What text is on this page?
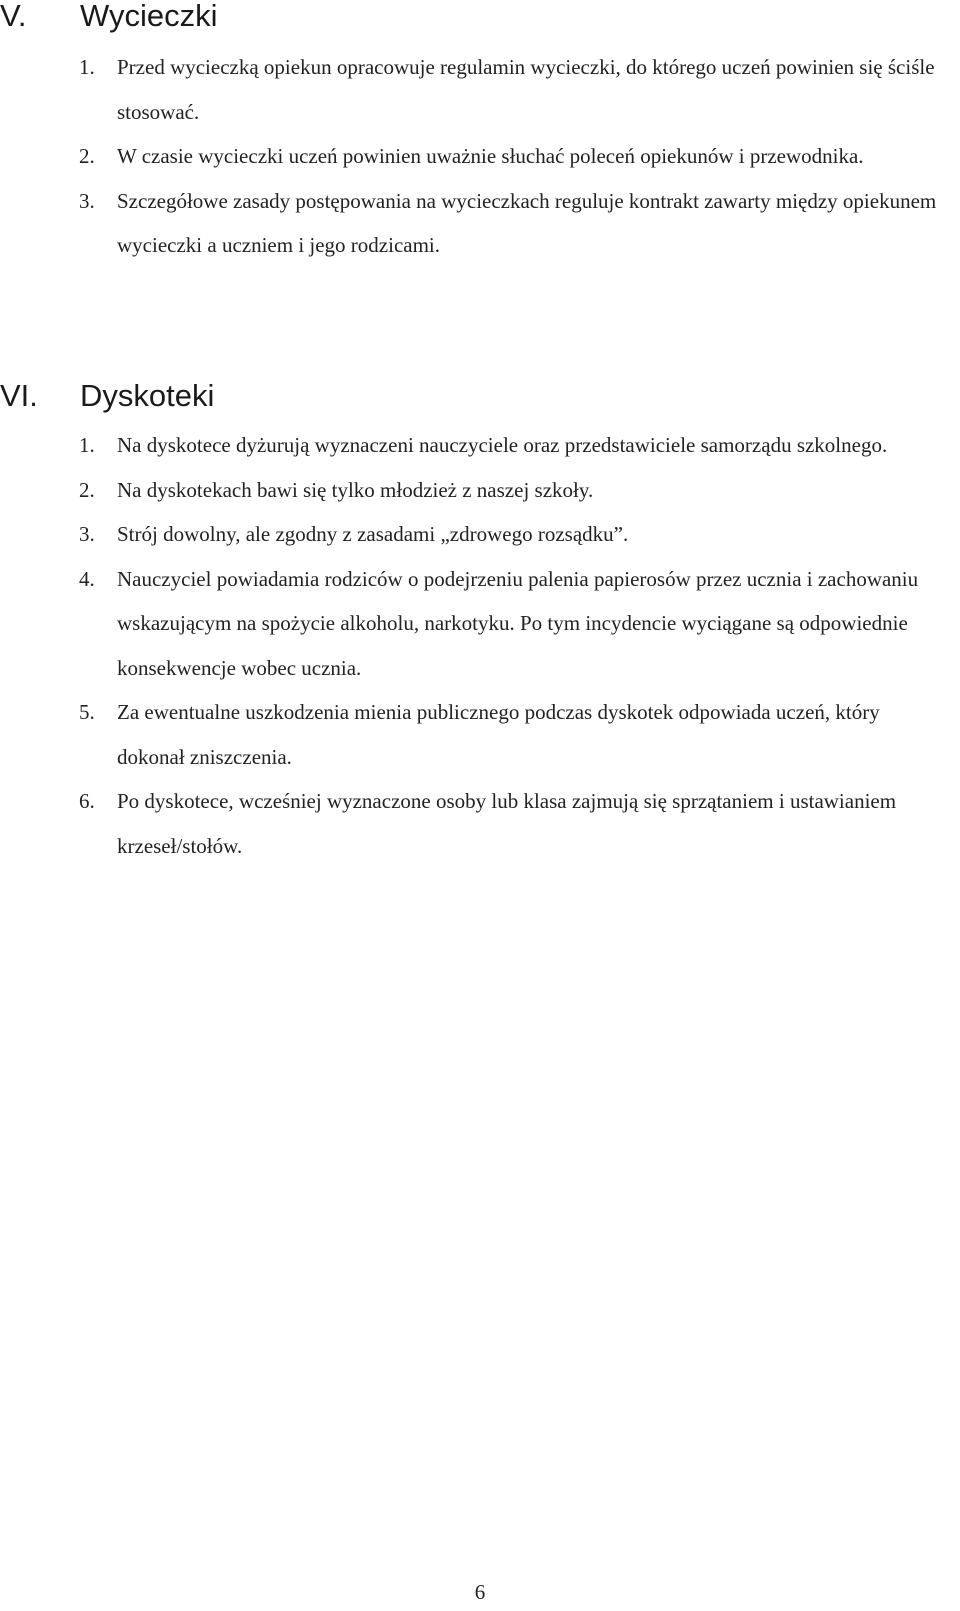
V. Wycieczki
1. Przed wycieczką opiekun opracowuje regulamin wycieczki, do którego uczeń powinien się ściśle stosować.
2. W czasie wycieczki uczeń powinien uważnie słuchać poleceń opiekunów i przewodnika.
3. Szczegółowe zasady postępowania na wycieczkach reguluje kontrakt zawarty między opiekunem wycieczki a uczniem i jego rodzicami.
VI. Dyskoteki
1. Na dyskotece dyżurują wyznaczeni nauczyciele oraz przedstawiciele samorządu szkolnego.
2. Na dyskotekach bawi się tylko młodzież z naszej szkoły.
3. Strój dowolny, ale zgodny z zasadami „zdrowego rozsądku”.
4. Nauczyciel powiadamia rodziców o podejrzeniu palenia papierosów przez ucznia i zachowaniu wskazującym na spożycie alkoholu, narkotyku. Po tym incydencie wyciągane są odpowiednie konsekwencje wobec ucznia.
5. Za ewentualne uszkodzenia mienia publicznego podczas dyskotek odpowiada uczeń, który dokonał zniszczenia.
6. Po dyskotece, wcześniej wyznaczone osoby lub klasa zajmują się sprzątaniem i ustawianiem krzeseł/stołów.
6
